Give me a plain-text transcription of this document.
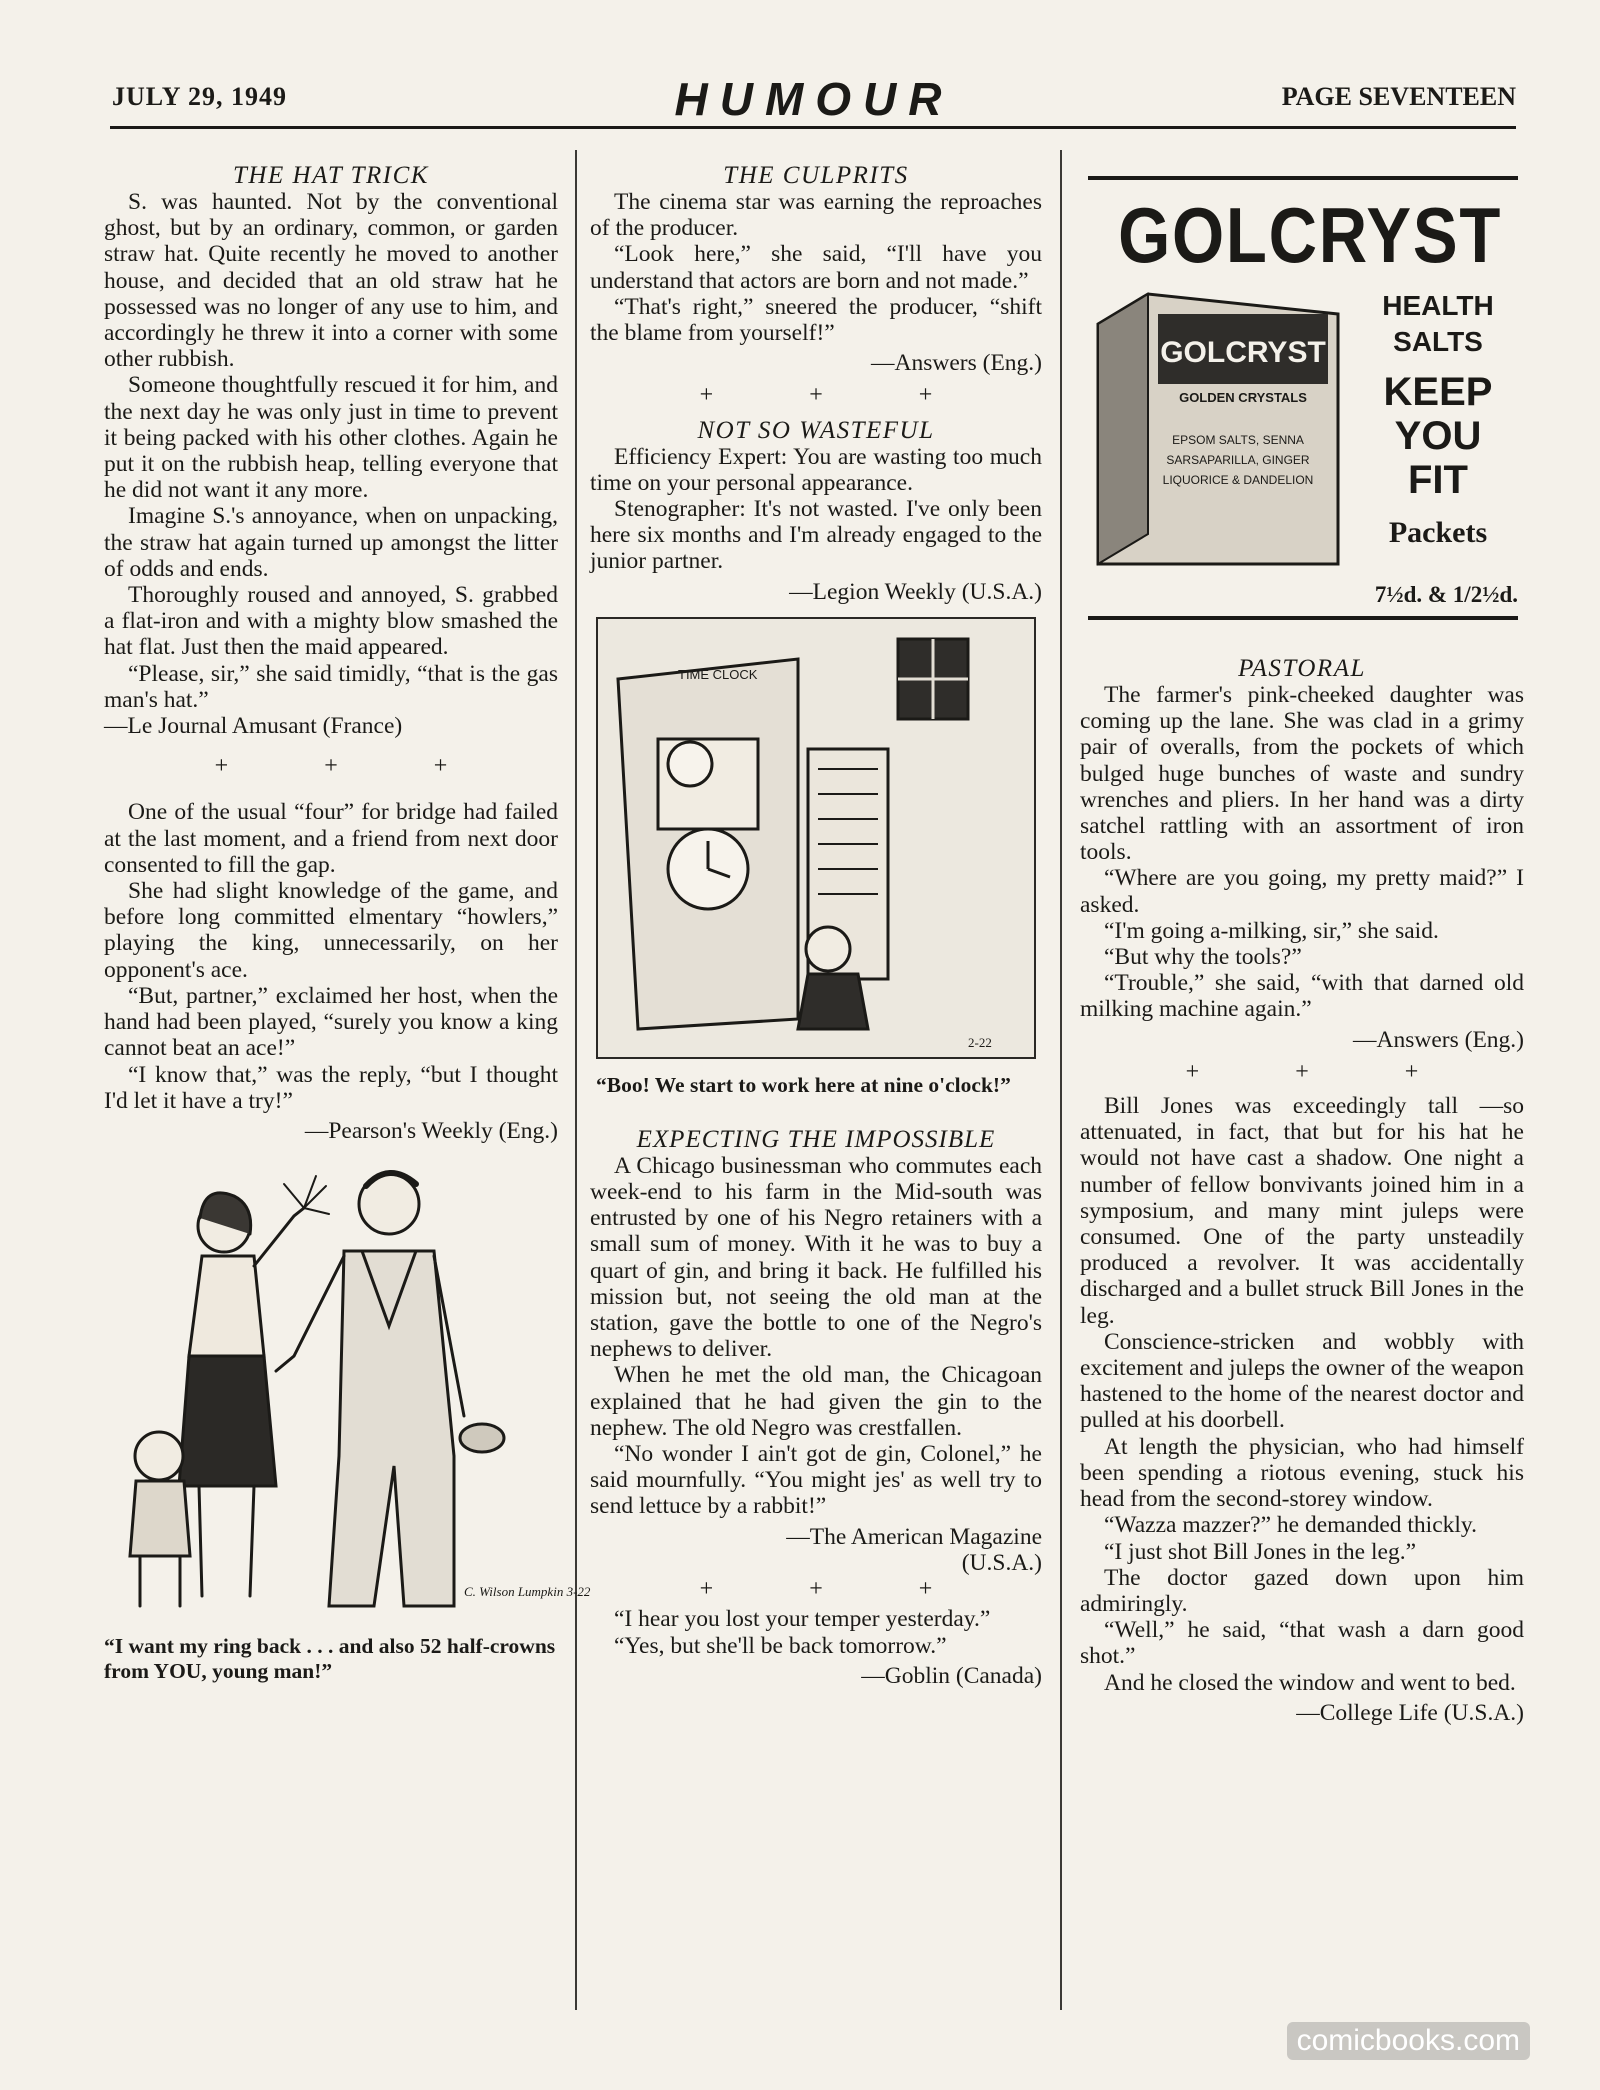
JULY 29, 1949	HUMOUR	PAGE SEVENTEEN
THE HAT TRICK

S. was haunted. Not by the conventional ghost, but by an ordinary, common, or garden straw hat. Quite recently he moved to another house, and decided that an old straw hat he possessed was no longer of any use to him, and accordingly he threw it into a corner with some other rubbish.

Someone thoughtfully rescued it for him, and the next day he was only just in time to prevent it being packed with his other clothes. Again he put it on the rubbish heap, telling everyone that he did not want it any more.

Imagine S.'s annoyance, when on unpacking, the straw hat again turned up amongst the litter of odds and ends.

Thoroughly roused and annoyed, S. grabbed a flat-iron and with a mighty blow smashed the hat flat. Just then the maid appeared.

“Please, sir,” she said timidly, “that is the gas man's hat.”

—Le Journal Amusant (France)

+	+	+

One of the usual “four” for bridge had failed at the last moment, and a friend from next door consented to fill the gap.

She had slight knowledge of the game, and before long committed elmentary “howlers,” playing the king, unnecessarily, on her opponent's ace.

“But, partner,” exclaimed her host, when the hand had been played, “surely you know a king cannot beat an ace!”

“I know that,” was the reply, “but I thought I'd let it have a try!”

—Pearson's Weekly (Eng.)
C. Wilson Lumpkin 3-22
“I want my ring back . . . and also 52 half-crowns from YOU, young man!”
THE CULPRITS

The cinema star was earning the reproaches of the producer.

“Look here,” she said, “I'll have you understand that actors are born and not made.”

“That's right,” sneered the producer, “shift the blame from yourself!”

—Answers (Eng.)
+	+	+
NOT SO WASTEFUL

Efficiency Expert: You are wasting too much time on your personal appearance.

Stenographer: It's not wasted. I've only been here six months and I'm already engaged to the junior partner.

—Legion Weekly (U.S.A.)
TIME CLOCK
2-22
“Boo! We start to work here at nine o'clock!”
EXPECTING THE IMPOSSIBLE

A Chicago businessman who commutes each week-end to his farm in the Mid-south was entrusted by one of his Negro retainers with a small sum of money. With it he was to buy a quart of gin, and bring it back. He fulfilled his mission but, not seeing the old man at the station, gave the bottle to one of the Negro's nephews to deliver.

When he met the old man, the Chicagoan explained that he had given the gin to the nephew. The old Negro was crestfallen.

“No wonder I ain't got de gin, Colonel,” he said mournfully. “You might jes' as well try to send lettuce by a rabbit!”

—The American Magazine
(U.S.A.)
+	+	+

“I hear you lost your temper yesterday.”

“Yes, but she'll be back tomorrow.”

—Goblin (Canada)
GOLCRYST
GOLCRYST
GOLDEN CRYSTALS
EPSOM SALTS, SENNA
SARSAPARILLA, GINGER
LIQUORICE & DANDELION
HEALTH
SALTS
KEEP
YOU
FIT
Packets
7½d. & 1/2½d.
PASTORAL

The farmer's pink-cheeked daughter was coming up the lane. She was clad in a grimy pair of overalls, from the pockets of which bulged huge bunches of waste and sundry wrenches and pliers. In her hand was a dirty satchel rattling with an assortment of iron tools.

“Where are you going, my pretty maid?” I asked.

“I'm going a-milking, sir,” she said.

“But why the tools?”

“Trouble,” she said, “with that darned old milking machine again.”

—Answers (Eng.)
+	+	+

Bill Jones was exceedingly tall —so attenuated, in fact, that but for his hat he would not have cast a shadow. One night a number of fellow bonvivants joined him in a symposium, and many mint juleps were consumed. One of the party unsteadily produced a revolver. It was accidentally discharged and a bullet struck Bill Jones in the leg.

Conscience-stricken and wobbly with excitement and juleps the owner of the weapon hastened to the home of the nearest doctor and pulled at his doorbell.

At length the physician, who had himself been spending a riotous evening, stuck his head from the second-storey window.

“Wazza mazzer?” he demanded thickly.

“I just shot Bill Jones in the leg.”

The doctor gazed down upon him admiringly.

“Well,” he said, “that wash a darn good shot.”

And he closed the window and went to bed.

—College Life (U.S.A.)
comicbooks.com
